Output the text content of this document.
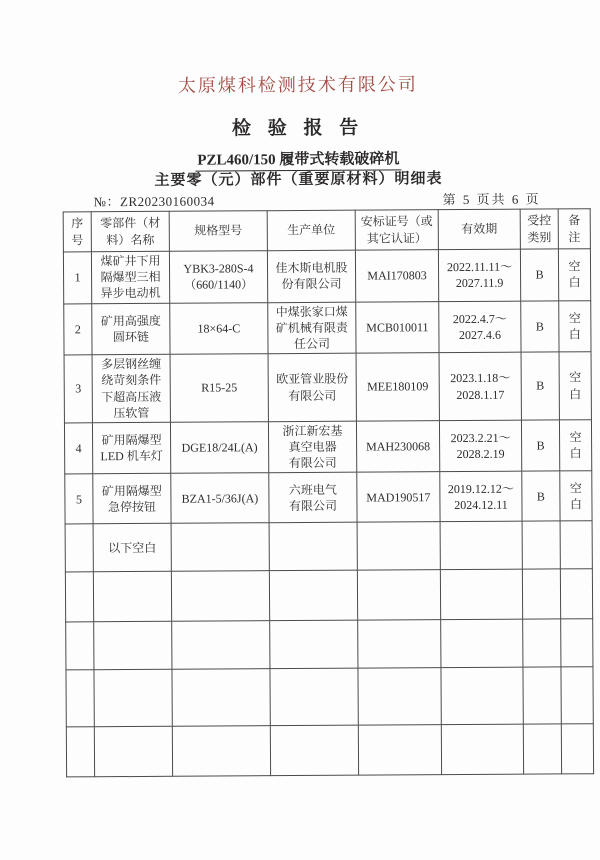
太原煤科检测技术有限公司
检 验 报 告
PZL460/150 履带式转载破碎机
主要零（元）部件（重要原材料）明细表
№：ZR20230160034	第 5 页共 6 页
序
号	零部件（材
料）名称	规格型号	生产单位	安标证号（或
其它认证）	有效期	受控
类别	备
注
1	煤矿井下用
隔爆型三相
异步电动机	YBK3-280S-4
（660/1140）	佳木斯电机股
份有限公司	MAI170803	2022.11.11～
2027.11.9	B	空
白
2	矿用高强度
圆环链	18×64-C	中煤张家口煤
矿机械有限责
任公司	MCB010011	2022.4.7～
2027.4.6	B	空
白
3	多层钢丝缠
绕苛刻条件
下超高压液
压软管	R15-25	欧亚管业股份
有限公司	MEE180109	2023.1.18～
2028.1.17	B	空
白
4	矿用隔爆型
LED 机车灯	DGE18/24L(A)	浙江新宏基
真空电器
有限公司	MAH230068	2023.2.21～
2028.2.19	B	空
白
5	矿用隔爆型
急停按钮	BZA1-5/36J(A)	六班电气
有限公司	MAD190517	2019.12.12～
2024.12.11	B	空
白
	以下空白						
